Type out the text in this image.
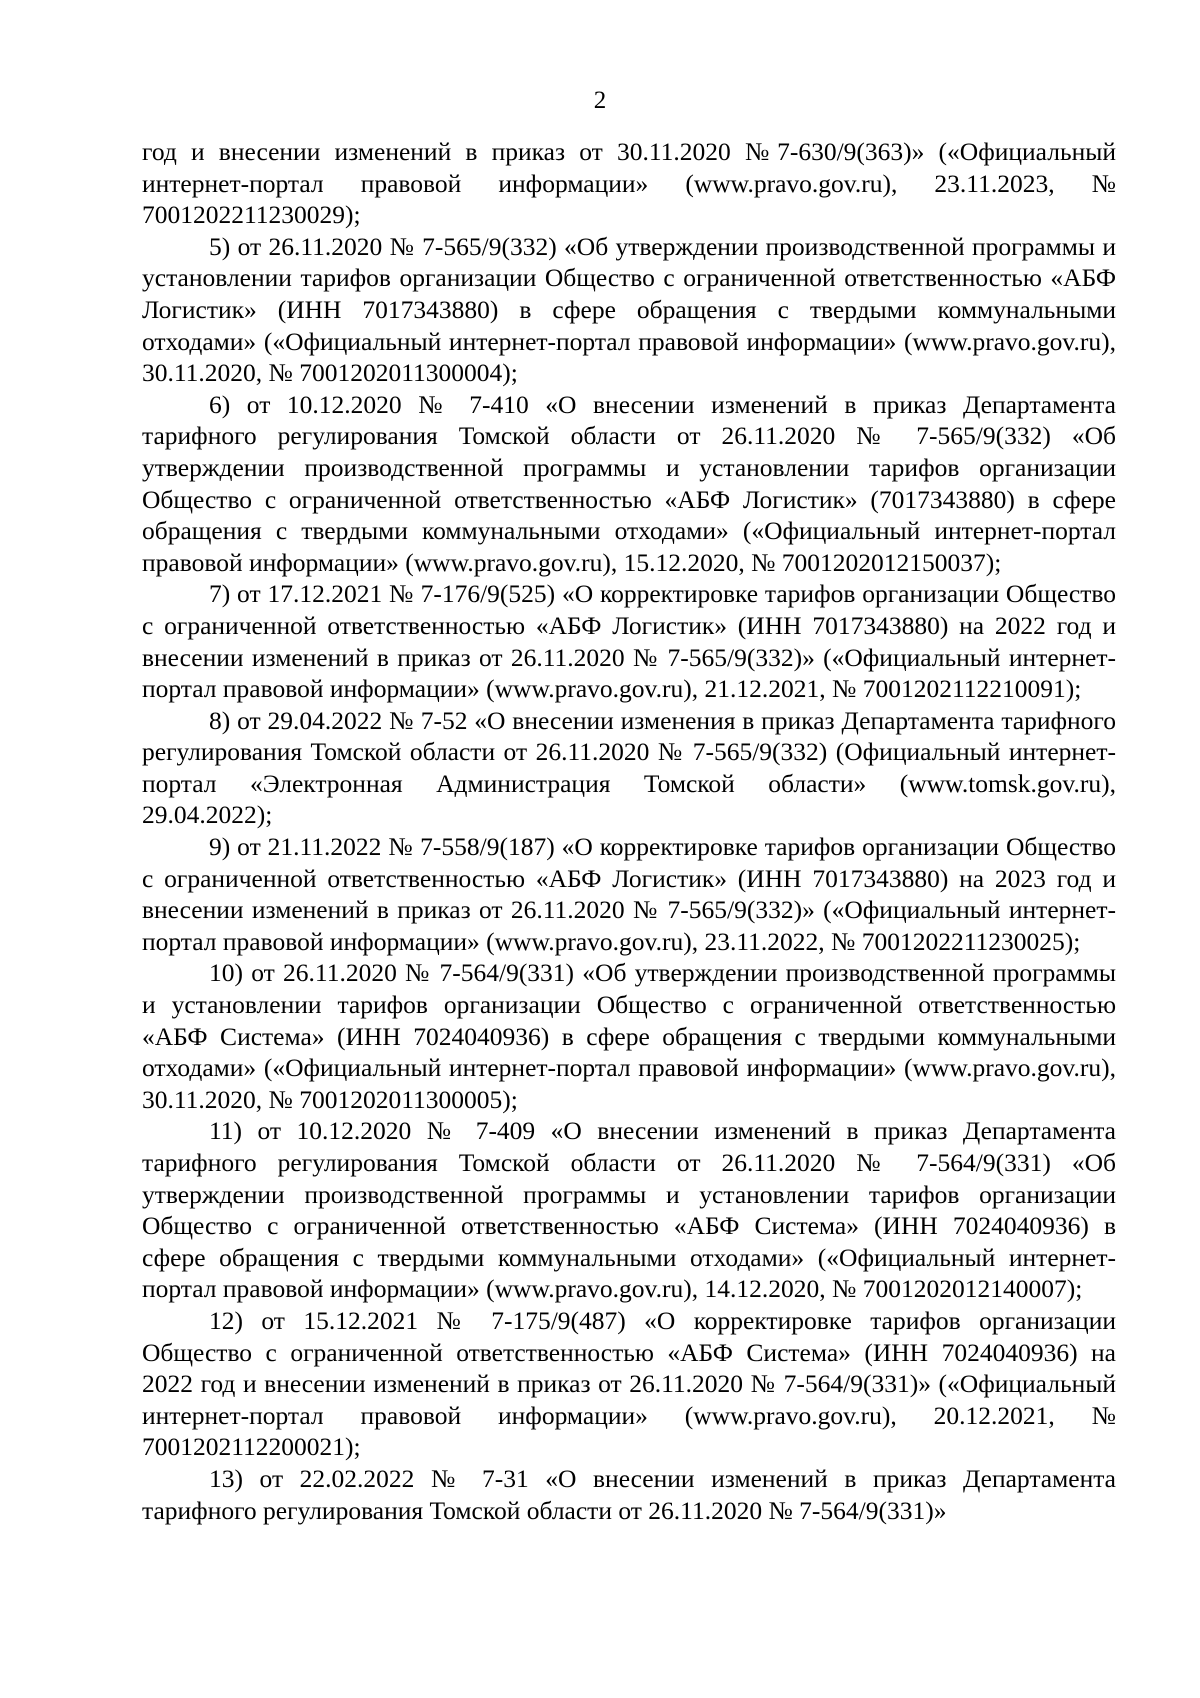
2

год и внесении изменений в приказ от 30.11.2020 №7-630/9(363)» («Официальный интернет-портал правовой информации» (www.pravo.gov.ru), 23.11.2023, № 7001202211230029);

5) от 26.11.2020 № 7-565/9(332) «Об утверждении производственной программы и установлении тарифов организации Общество с ограниченной ответственностью «АБФ Логистик» (ИНН 7017343880) в сфере обращения с твердыми коммунальными отходами» («Официальный интернет-портал правовой информации» (www.pravo.gov.ru), 30.11.2020, № 7001202011300004);

6) от 10.12.2020 № 7-410 «О внесении изменений в приказ Департамента тарифного регулирования Томской области от 26.11.2020 № 7-565/9(332) «Об утверждении производственной программы и установлении тарифов организации Общество с ограниченной ответственностью «АБФ Логистик» (7017343880) в сфере обращения с твердыми коммунальными отходами» («Официальный интернет-портал правовой информации» (www.pravo.gov.ru), 15.12.2020, № 7001202012150037);

7) от 17.12.2021 № 7-176/9(525) «О корректировке тарифов организации Общество с ограниченной ответственностью «АБФ Логистик» (ИНН 7017343880) на 2022 год и внесении изменений в приказ от 26.11.2020 № 7-565/9(332)» («Официальный интернет-портал правовой информации» (www.pravo.gov.ru), 21.12.2021, № 7001202112210091);

8) от 29.04.2022 № 7-52 «О внесении изменения в приказ Департамента тарифного регулирования Томской области от 26.11.2020 № 7-565/9(332) (Официальный интернет-портал «Электронная Администрация Томской области» (www.tomsk.gov.ru), 29.04.2022);

9) от 21.11.2022 № 7-558/9(187) «О корректировке тарифов организации Общество с ограниченной ответственностью «АБФ Логистик» (ИНН 7017343880) на 2023 год и внесении изменений в приказ от 26.11.2020 № 7-565/9(332)» («Официальный интернет-портал правовой информации» (www.pravo.gov.ru), 23.11.2022, № 7001202211230025);

10) от 26.11.2020 № 7-564/9(331) «Об утверждении производственной программы и установлении тарифов организации Общество с ограниченной ответственностью «АБФ Система» (ИНН 7024040936) в сфере обращения с твердыми коммунальными отходами» («Официальный интернет-портал правовой информации» (www.pravo.gov.ru), 30.11.2020, № 7001202011300005);

11) от 10.12.2020 № 7-409 «О внесении изменений в приказ Департамента тарифного регулирования Томской области от 26.11.2020 № 7-564/9(331) «Об утверждении производственной программы и установлении тарифов организации Общество с ограниченной ответственностью «АБФ Система» (ИНН 7024040936) в сфере обращения с твердыми коммунальными отходами» («Официальный интернет-портал правовой информации» (www.pravo.gov.ru), 14.12.2020, № 7001202012140007);

12) от 15.12.2021 № 7-175/9(487) «О корректировке тарифов организации Общество с ограниченной ответственностью «АБФ Система» (ИНН 7024040936) на 2022 год и внесении изменений в приказ от 26.11.2020 № 7-564/9(331)» («Официальный интернет-портал правовой информации» (www.pravo.gov.ru), 20.12.2021, № 7001202112200021);

13) от 22.02.2022 № 7-31 «О внесении изменений в приказ Департамента тарифного регулирования Томской области от 26.11.2020 № 7-564/9(331)»
